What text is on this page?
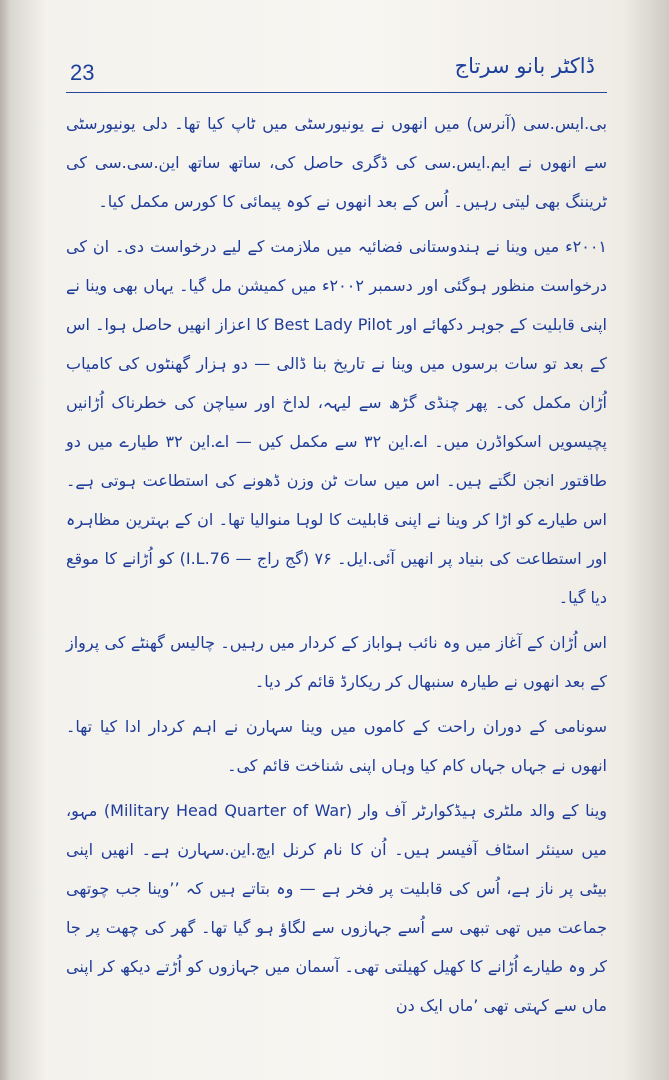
23	ڈاکٹر بانو سرتاج

بی.ایس.سی (آنرس) میں انھوں نے یونیورسٹی میں ٹاپ کیا تھا۔ دلی یونیورسٹی سے انھوں نے ایم.ایس.سی کی ڈگری حاصل کی، ساتھ ساتھ این.سی.سی کی ٹریننگ بھی لیتی رہیں۔ اُس کے بعد انھوں نے کوہ پیمائی کا کورس مکمل کیا۔

۲۰۰۱ء میں وینا نے ہندوستانی فضائیہ میں ملازمت کے لیے درخواست دی۔ ان کی درخواست منظور ہوگئی اور دسمبر ۲۰۰۲ء میں کمیشن مل گیا۔ یہاں بھی وینا نے اپنی قابلیت کے جوہر دکھائے اور Best Lady Pilot کا اعزاز انھیں حاصل ہوا۔ اس کے بعد تو سات برسوں میں وینا نے تاریخ بنا ڈالی — دو ہزار گھنٹوں کی کامیاب اُڑان مکمل کی۔ پھر چنڈی گڑھ سے لیہہ، لداخ اور سیاچن کی خطرناک اُڑانیں پچیسویں اسکواڈرن میں۔ اے.این ۳۲ سے مکمل کیں — اے.این ۳۲ طیارے میں دو طاقتور انجن لگتے ہیں۔ اس میں سات ٹن وزن ڈھونے کی استطاعت ہوتی ہے۔ اس طیارے کو اڑا کر وینا نے اپنی قابلیت کا لوہا منوالیا تھا۔ ان کے بہترین مظاہرہ اور استطاعت کی بنیاد پر انھیں آئی.ایل۔ ۷۶ (گج راج — I.L.76) کو اُڑانے کا موقع دیا گیا۔

اس اُڑان کے آغاز میں وہ نائب ہواباز کے کردار میں رہیں۔ چالیس گھنٹے کی پرواز کے بعد انھوں نے طیارہ سنبھال کر ریکارڈ قائم کر دیا۔

سونامی کے دوران راحت کے کاموں میں وینا سہارن نے اہم کردار ادا کیا تھا۔ انھوں نے جہاں جہاں کام کیا وہاں اپنی شناخت قائم کی۔

وینا کے والد ملٹری ہیڈکوارٹر آف وار (Military Head Quarter of War) مہو، میں سینئر اسٹاف آفیسر ہیں۔ اُن کا نام کرنل ایچ.این.سہارن ہے۔ انھیں اپنی بیٹی پر ناز ہے، اُس کی قابلیت پر فخر ہے — وہ بتاتے ہیں کہ ’’وینا جب چوتھی جماعت میں تھی تبھی سے اُسے جہازوں سے لگاؤ ہو گیا تھا۔ گھر کی چھت پر جا کر وہ طیارے اُڑانے کا کھیل کھیلتی تھی۔ آسمان میں جہازوں کو اُڑتے دیکھ کر اپنی ماں سے کہتی تھی ’ماں ایک دن
